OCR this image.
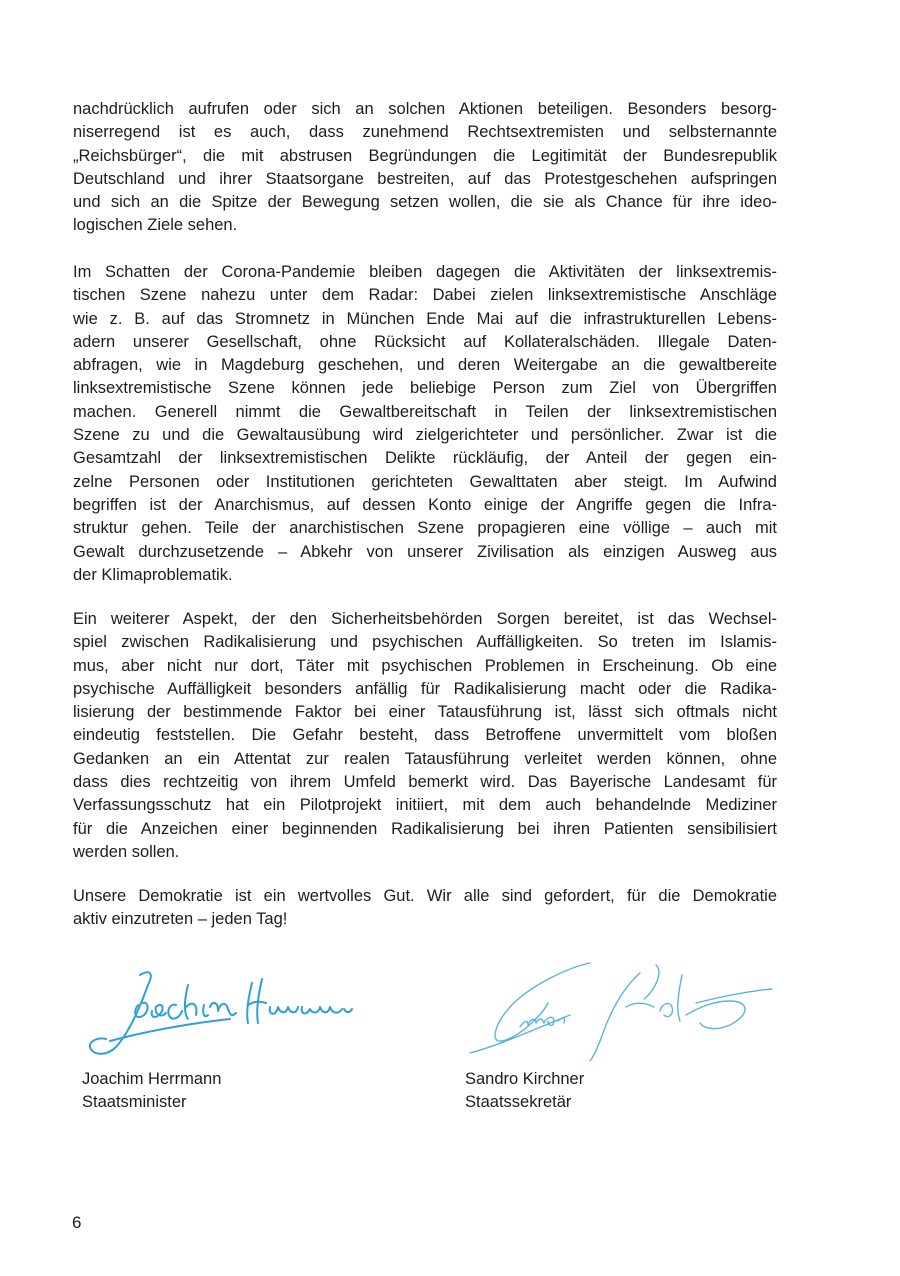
nachdrücklich aufrufen oder sich an solchen Aktionen beteiligen. Besonders besorg-
niserregend ist es auch, dass zunehmend Rechtsextremisten und selbsternannte
„Reichsbürger“, die mit abstrusen Begründungen die Legitimität der Bundesrepublik
Deutschland und ihrer Staatsorgane bestreiten, auf das Protestgeschehen aufspringen
und sich an die Spitze der Bewegung setzen wollen, die sie als Chance für ihre ideo-
logischen Ziele sehen.

Im Schatten der Corona-Pandemie bleiben dagegen die Aktivitäten der linksextremis-
tischen Szene nahezu unter dem Radar: Dabei zielen linksextremistische Anschläge
wie z. B. auf das Stromnetz in München Ende Mai auf die infrastrukturellen Lebens-
adern unserer Gesellschaft, ohne Rücksicht auf Kollateralschäden. Illegale Daten-
abfragen, wie in Magdeburg geschehen, und deren Weitergabe an die gewaltbereite
linksextremistische Szene können jede beliebige Person zum Ziel von Übergriffen
machen. Generell nimmt die Gewaltbereitschaft in Teilen der linksextremistischen
Szene zu und die Gewaltausübung wird zielgerichteter und persönlicher. Zwar ist die
Gesamtzahl der linksextremistischen Delikte rückläufig, der Anteil der gegen ein-
zelne Personen oder Institutionen gerichteten Gewalttaten aber steigt. Im Aufwind
begriffen ist der Anarchismus, auf dessen Konto einige der Angriffe gegen die Infra-
struktur gehen. Teile der anarchistischen Szene propagieren eine völlige – auch mit
Gewalt durchzusetzende – Abkehr von unserer Zivilisation als einzigen Ausweg aus
der Klimaproblematik.

Ein weiterer Aspekt, der den Sicherheitsbehörden Sorgen bereitet, ist das Wechsel-
spiel zwischen Radikalisierung und psychischen Auffälligkeiten. So treten im Islamis-
mus, aber nicht nur dort, Täter mit psychischen Problemen in Erscheinung. Ob eine
psychische Auffälligkeit besonders anfällig für Radikalisierung macht oder die Radika-
lisierung der bestimmende Faktor bei einer Tatausführung ist, lässt sich oftmals nicht
eindeutig feststellen. Die Gefahr besteht, dass Betroffene unvermittelt vom bloßen
Gedanken an ein Attentat zur realen Tatausführung verleitet werden können, ohne
dass dies rechtzeitig von ihrem Umfeld bemerkt wird. Das Bayerische Landesamt für
Verfassungsschutz hat ein Pilotprojekt initiiert, mit dem auch behandelnde Mediziner
für die Anzeichen einer beginnenden Radikalisierung bei ihren Patienten sensibilisiert
werden sollen.

Unsere Demokratie ist ein wertvolles Gut. Wir alle sind gefordert, für die Demokratie
aktiv einzutreten – jeden Tag!

Joachim Herrmann

Staatsminister

Sandro Kirchner

Staatssekretär

6
